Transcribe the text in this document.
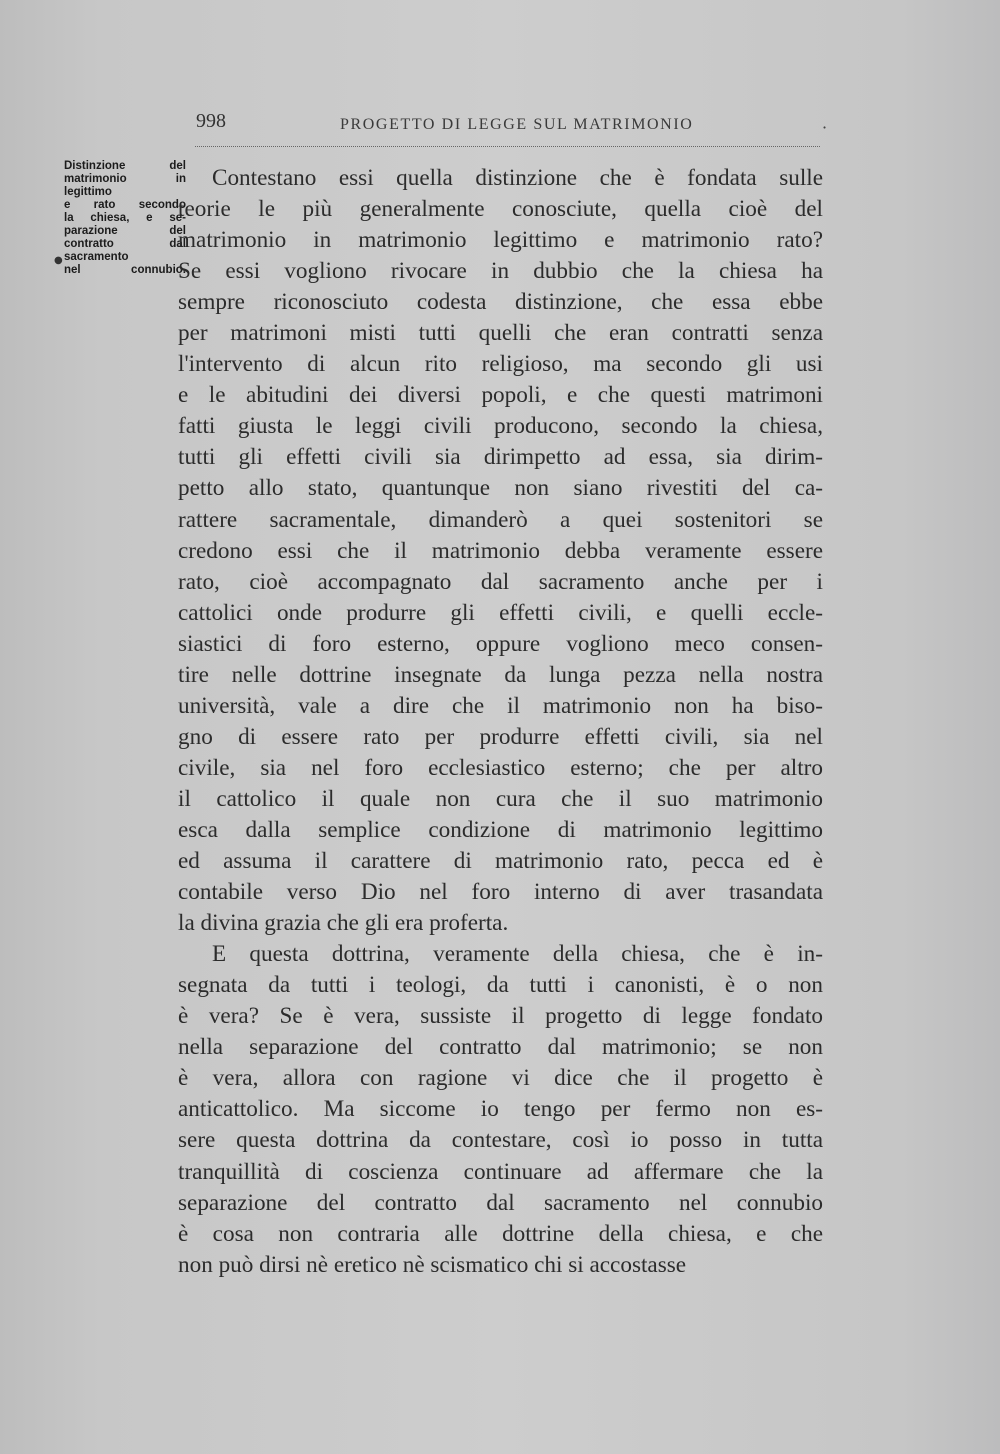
998	PROGETTO DI LEGGE SUL MATRIMONIO	·
●
Distinzione del
matrimonio in
legittimo
e rato secondo
la chiesa, e se-
parazione del
contratto dal
sacramento
nel connubio.
Contestano essi quella distinzione che è fondata sulle
teorie le più generalmente conosciute, quella cioè del
matrimonio in matrimonio legittimo e matrimonio rato?
Se essi vogliono rivocare in dubbio che la chiesa ha
sempre riconosciuto codesta distinzione, che essa ebbe
per matrimoni misti tutti quelli che eran contratti senza
l'intervento di alcun rito religioso, ma secondo gli usi
e le abitudini dei diversi popoli, e che questi matrimoni
fatti giusta le leggi civili producono, secondo la chiesa,
tutti gli effetti civili sia dirimpetto ad essa, sia dirim-
petto allo stato, quantunque non siano rivestiti del ca-
rattere sacramentale, dimanderò a quei sostenitori se
credono essi che il matrimonio debba veramente essere
rato, cioè accompagnato dal sacramento anche per i
cattolici onde produrre gli effetti civili, e quelli eccle-
siastici di foro esterno, oppure vogliono meco consen-
tire nelle dottrine insegnate da lunga pezza nella nostra
università, vale a dire che il matrimonio non ha biso-
gno di essere rato per produrre effetti civili, sia nel
civile, sia nel foro ecclesiastico esterno; che per altro
il cattolico il quale non cura che il suo matrimonio
esca dalla semplice condizione di matrimonio legittimo
ed assuma il carattere di matrimonio rato, pecca ed è
contabile verso Dio nel foro interno di aver trasandata
la divina grazia che gli era proferta.
E questa dottrina, veramente della chiesa, che è in-
segnata da tutti i teologi, da tutti i canonisti, è o non
è vera? Se è vera, sussiste il progetto di legge fondato
nella separazione del contratto dal matrimonio; se non
è vera, allora con ragione vi dice che il progetto è
anticattolico. Ma siccome io tengo per fermo non es-
sere questa dottrina da contestare, così io posso in tutta
tranquillità di coscienza continuare ad affermare che la
separazione del contratto dal sacramento nel connubio
è cosa non contraria alle dottrine della chiesa, e che
non può dirsi nè eretico nè scismatico chi si accostasse
